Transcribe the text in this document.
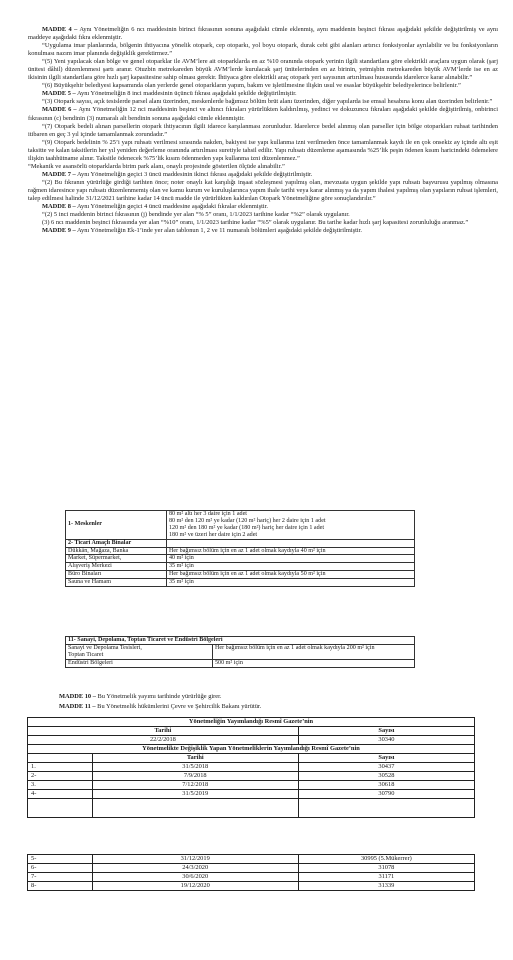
MADDE 4 – Aynı Yönetmeliğin 6 ncı maddesinin birinci fıkrasının sonuna aşağıdaki cümle eklenmiş, aynı maddenin beşinci fıkrası aşağıdaki şekilde değiştirilmiş ve aynı maddeye aşağıdaki fıkra eklenmiştir.

“Uygulama imar planlarında, bölgenin ihtiyacına yönelik otopark, cep otoparkı, yol boyu otopark, durak cebi gibi alanları artırıcı fonksiyonlar ayrılabilir ve bu fonksiyonların konulması nazım imar planında değişiklik gerektirmez.”

“(5) Yeni yapılacak olan bölge ve genel otoparklar ile AVM’lere ait otoparklarda en az %10 oranında otopark yerinin ilgili standartlara göre elektrikli araçlara uygun olarak (şarj ünitesi dâhil) düzenlenmesi şartı aranır. Otuzbin metrekareden büyük AVM’lerde kurulacak şarj ünitelerinden en az birinin, yetmişbin metrekareden büyük AVM’lerde ise en az ikisinin ilgili standartlara göre hızlı şarj kapasitesine sahip olması gerekir. İhtiyaca göre elektrikli araç otopark yeri sayısının artırılması hususunda idarelerce karar alınabilir.”

“(6) Büyükşehir belediyesi kapsamında olan yerlerde genel otoparkların yapım, bakım ve işletilmesine ilişkin usul ve esaslar büyükşehir belediyelerince belirlenir.”

MADDE 5 – Aynı Yönetmeliğin 8 inci maddesinin üçüncü fıkrası aşağıdaki şekilde değiştirilmiştir.

“(3) Otopark sayısı, açık tesislerde parsel alanı üzerinden, meskenlerde bağımsız bölüm brüt alanı üzerinden, diğer yapılarda ise emsal hesabına konu alan üzerinden belirlenir.”

MADDE 6 – Aynı Yönetmeliğin 12 nci maddesinin beşinci ve altıncı fıkraları yürürlükten kaldırılmış, yedinci ve dokuzuncu fıkraları aşağıdaki şekilde değiştirilmiş, onbirinci fıkrasının (c) bendinin (3) numaralı alt bendinin sonuna aşağıdaki cümle eklenmiştir.

“(7) Otopark bedeli alınan parsellerin otopark ihtiyacının ilgili idarece karşılanması zorunludur. İdarelerce bedel alınmış olan parseller için bölge otoparkları ruhsat tarihinden itibaren en geç 3 yıl içinde tamamlanmak zorundadır.”

“(9) Otopark bedelinin % 25’i yapı ruhsatı verilmesi sırasında nakden, bakiyesi ise yapı kullanma izni verilmeden önce tamamlanmak kaydı ile en çok onsekiz ay içinde altı eşit taksitte ve kalan taksitlerin her yıl yeniden değerleme oranında artırılması suretiyle tahsil edilir. Yapı ruhsatı düzenleme aşamasında %25’lik peşin ödenen kısım haricindeki ödemelere ilişkin taahhütname alınır. Taksitle ödenecek %75’lik kısım ödenmeden yapı kullanma izni düzenlenmez.”

“Mekanik ve asansörlü otoparklarda birim park alanı, onaylı projesinde gösterilen ölçüde alınabilir.”

MADDE 7 – Aynı Yönetmeliğin geçici 3 üncü maddesinin ikinci fıkrası aşağıdaki şekilde değiştirilmiştir.

“(2) Bu fıkranın yürürlüğe girdiği tarihten önce; noter onaylı kat karşılığı inşaat sözleşmesi yapılmış olan, mevzuata uygun şekilde yapı ruhsatı başvurusu yapılmış olmasına rağmen idaresince yapı ruhsatı düzenlenmemiş olan ve kamu kurum ve kuruluşlarınca yapım ihale tarihi veya karar alınmış ya da yapım ihalesi yapılmış olan yapıların ruhsat işlemleri, talep edilmesi halinde 31/12/2021 tarihine kadar 14 üncü madde ile yürürlükten kaldırılan Otopark Yönetmeliğine göre sonuçlandırılır.”

MADDE 8 – Aynı Yönetmeliğin geçici 4 üncü maddesine aşağıdaki fıkralar eklenmiştir.

“(2) 5 inci maddenin birinci fıkrasının (j) bendinde yer alan “% 5” oranı, 1/1/2023 tarihine kadar “%2” olarak uygulanır.

(3) 6 ncı maddenin beşinci fıkrasında yer alan “%10” oranı, 1/1/2023 tarihine kadar “%5” olarak uygulanır. Bu tarihe kadar hızlı şarj kapasitesi zorunluluğu aranmaz.”

MADDE 9 – Aynı Yönetmeliğin Ek-1’inde yer alan tablonun 1, 2 ve 11 numaralı bölümleri aşağıdaki şekilde değiştirilmiştir.

1- Meskenler	80 m² altı her 3 daire için 1 adet
80 m² den 120 m² ye kadar (120 m² hariç) her 2 daire için 1 adet
120 m² den 180 m² ye kadar (180 m²) hariç her daire için 1 adet
180 m² ve üzeri her daire için 2 adet

2- Ticari Amaçlı Binalar	
Dükkân, Mağaza, Banka	Her bağımsız bölüm için en az 1 adet olmak kaydıyla 40 m² için
Market, Süpermarket,	40 m² için
Alışveriş Merkezi	35 m² için
Büro Binaları	Her bağımsız bölüm için en az 1 adet olmak kaydıyla 50 m² için
Sauna ve Hamam	35 m² için
11- Sanayi, Depolama, Toptan Ticaret ve Endüstri Bölgeleri	

Sanayi ve Depolama Tesisleri,
Toptan Ticaret	Her bağımsız bölüm için en az 1 adet olmak kaydıyla 200 m² için
Endüstri Bölgeleri	500 m² için

MADDE 10 – Bu Yönetmelik yayımı tarihinde yürürlüğe girer.

MADDE 11 – Bu Yönetmelik hükümlerini Çevre ve Şehircilik Bakanı yürütür.

Yönetmeliğin Yayımlandığı Resmî Gazete’nin		
Tarihi		Sayısı
22/2/2018		30340
Yönetmelikte Değişiklik Yapan Yönetmeliklerin Yayımlandığı Resmî Gazete’nin		
	Tarihi	Sayısı
1.	31/5/2018	30437
2-	7/9/2018	30528
3.	7/12/2018	30618
4-	31/5/2019	30790

5-	31/12/2019	30995 (5.Mükerrer)
6-	24/3/2020	31078
7-	30/6/2020	31171
8-	19/12/2020	31339
